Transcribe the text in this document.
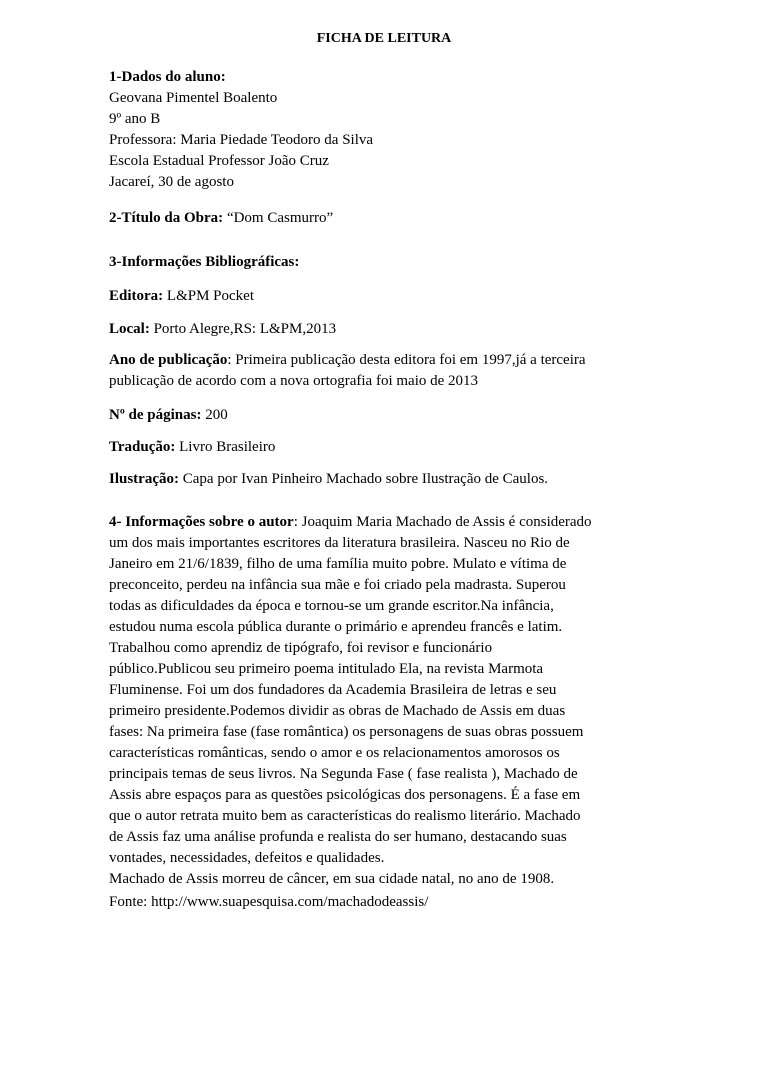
FICHA DE LEITURA
1-Dados do aluno:
Geovana Pimentel Boalento
9º ano B
Professora: Maria Piedade Teodoro da Silva
Escola Estadual Professor João Cruz
Jacareí, 30 de agosto
2-Título da Obra: “Dom Casmurro”
3-Informações Bibliográficas:
Editora: L&PM Pocket
Local: Porto Alegre,RS: L&PM,2013
Ano de publicação: Primeira publicação desta editora foi em 1997,já a terceira
publicação de acordo com a nova ortografia foi maio de 2013
Nº de páginas: 200
Tradução: Livro Brasileiro
Ilustração: Capa por Ivan Pinheiro Machado sobre Ilustração de Caulos.
4- Informações sobre o autor: Joaquim Maria Machado de Assis é considerado
um dos mais importantes escritores da literatura brasileira. Nasceu no Rio de
Janeiro em 21/6/1839, filho de uma família muito pobre. Mulato e vítima de
preconceito, perdeu na infância sua mãe e foi criado pela madrasta. Superou
todas as dificuldades da época e tornou-se um grande escritor.Na infância,
estudou numa escola pública durante o primário e aprendeu francês e latim.
Trabalhou como aprendiz de tipógrafo, foi revisor e funcionário
público.Publicou seu primeiro poema intitulado Ela, na revista Marmota
Fluminense. Foi um dos fundadores da Academia Brasileira de letras e seu
primeiro presidente.Podemos dividir as obras de Machado de Assis em duas
fases: Na primeira fase (fase romântica) os personagens de suas obras possuem
características românticas, sendo o amor e os relacionamentos amorosos os
principais temas de seus livros. Na Segunda Fase ( fase realista ), Machado de
Assis abre espaços para as questões psicológicas dos personagens. É a fase em
que o autor retrata muito bem as características do realismo literário. Machado
de Assis faz uma análise profunda e realista do ser humano, destacando suas
vontades, necessidades, defeitos e qualidades.
Machado de Assis morreu de câncer, em sua cidade natal, no ano de 1908.
Fonte: http://www.suapesquisa.com/machadodeassis/
